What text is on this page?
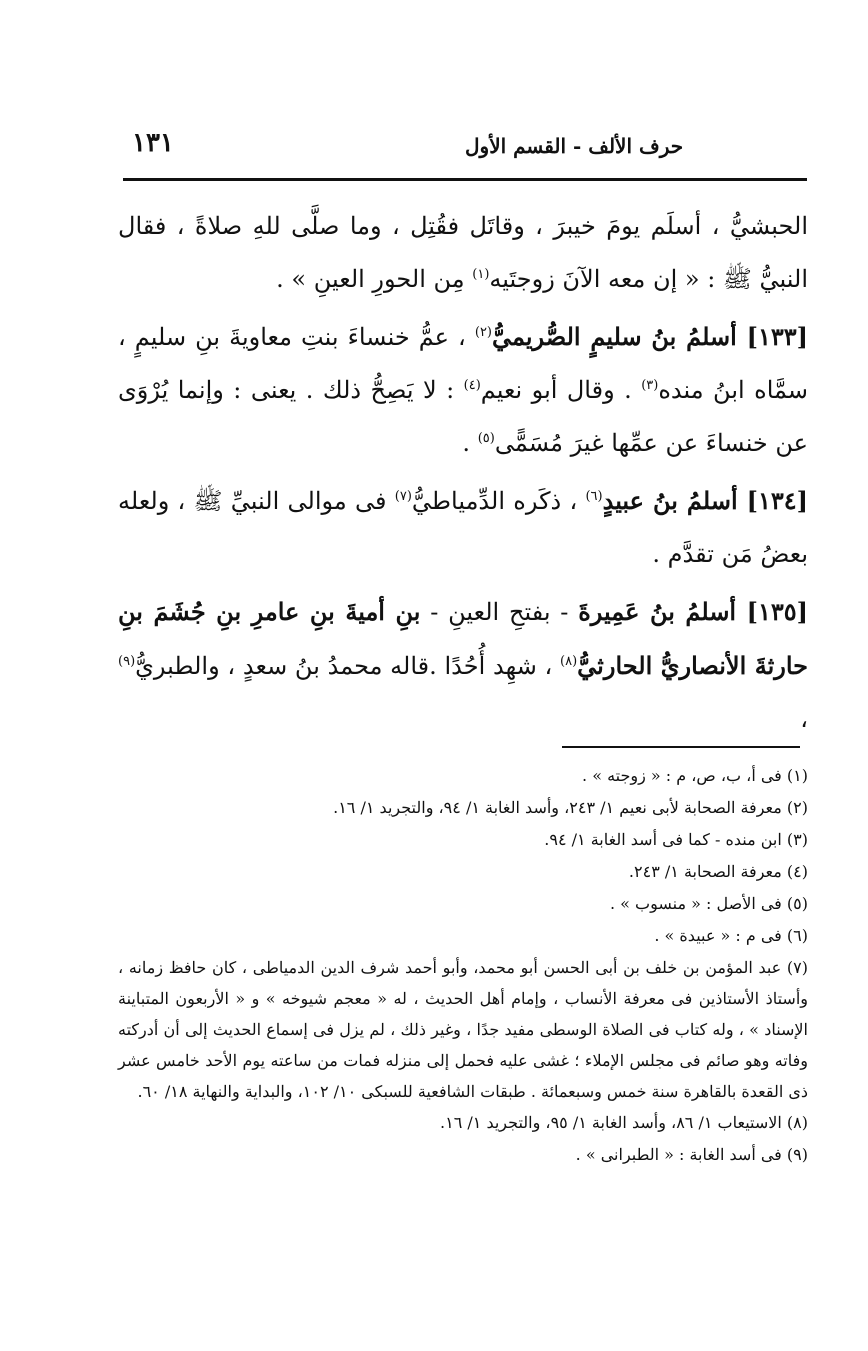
١٣١	حرف الألف - القسم الأول

الحبشيُّ ، أسلَم يومَ خيبرَ ، وقاتَل فقُتِل ، وما صلَّى للهِ صلاةً ، فقال النبيُّ ﷺ : « إن معه الآنَ زوجتَيه$^{(١)}$ مِن الحورِ العينِ » .

[١٣٣] أسلمُ بنُ سليمٍ الصُّريميُّ$^{(٢)}$ ، عمُّ خنساءَ بنتِ معاويةَ بنِ سليمٍ ، سمَّاه ابنُ منده$^{(٣)}$ . وقال أبو نعيم$^{(٤)}$ : لا يَصِحُّ ذلك . يعنى : وإنما يُرْوَى عن خنساءَ عن عمِّها غيرَ مُسَمًّى$^{(٥)}$ .

[١٣٤] أسلمُ بنُ عبيدٍ$^{(٦)}$ ، ذكَره الدِّمياطيُّ$^{(٧)}$ فى موالى النبيِّ ﷺ ، ولعله بعضُ مَن تقدَّم .

[١٣٥] أسلمُ بنُ عَمِيرةَ - بفتحِ العينِ - بنِ أميةَ بنِ عامرِ بنِ جُشَمَ بنِ حارثةَ الأنصاريُّ الحارثيُّ$^{(٨)}$ ، شهِد أُحُدًا .قاله محمدُ بنُ سعدٍ ، والطبريُّ$^{(٩)}$ ،

(١) فى أ، ب، ص، م : « زوجته » .

(٢) معرفة الصحابة لأبى نعيم ١/ ٢٤٣، وأسد الغابة ١/ ٩٤، والتجريد ١/ ١٦.

(٣) ابن منده - كما فى أسد الغابة ١/ ٩٤.

(٤) معرفة الصحابة ١/ ٢٤٣.

(٥) فى الأصل : « منسوب » .

(٦) فى م : « عبيدة » .

(٧) عبد المؤمن بن خلف بن أبى الحسن أبو محمد، وأبو أحمد شرف الدين الدمياطى ، كان حافظ زمانه ، وأستاذ الأستاذين فى معرفة الأنساب ، وإمام أهل الحديث ، له « معجم شيوخه » و « الأربعون المتباينة الإسناد » ، وله كتاب فى الصلاة الوسطى مفيد جدًا ، وغير ذلك ، لم يزل فى إسماع الحديث إلى أن أدركته وفاته وهو صائم فى مجلس الإملاء ؛ غشى عليه فحمل إلى منزله فمات من ساعته يوم الأحد خامس عشر ذى القعدة بالقاهرة سنة خمس وسبعمائة . طبقات الشافعية للسبكى ١٠/ ١٠٢، والبداية والنهاية ١٨/ ٦٠.

(٨) الاستيعاب ١/ ٨٦، وأسد الغابة ١/ ٩٥، والتجريد ١/ ١٦.

(٩) فى أسد الغابة : « الطبرانى » .
